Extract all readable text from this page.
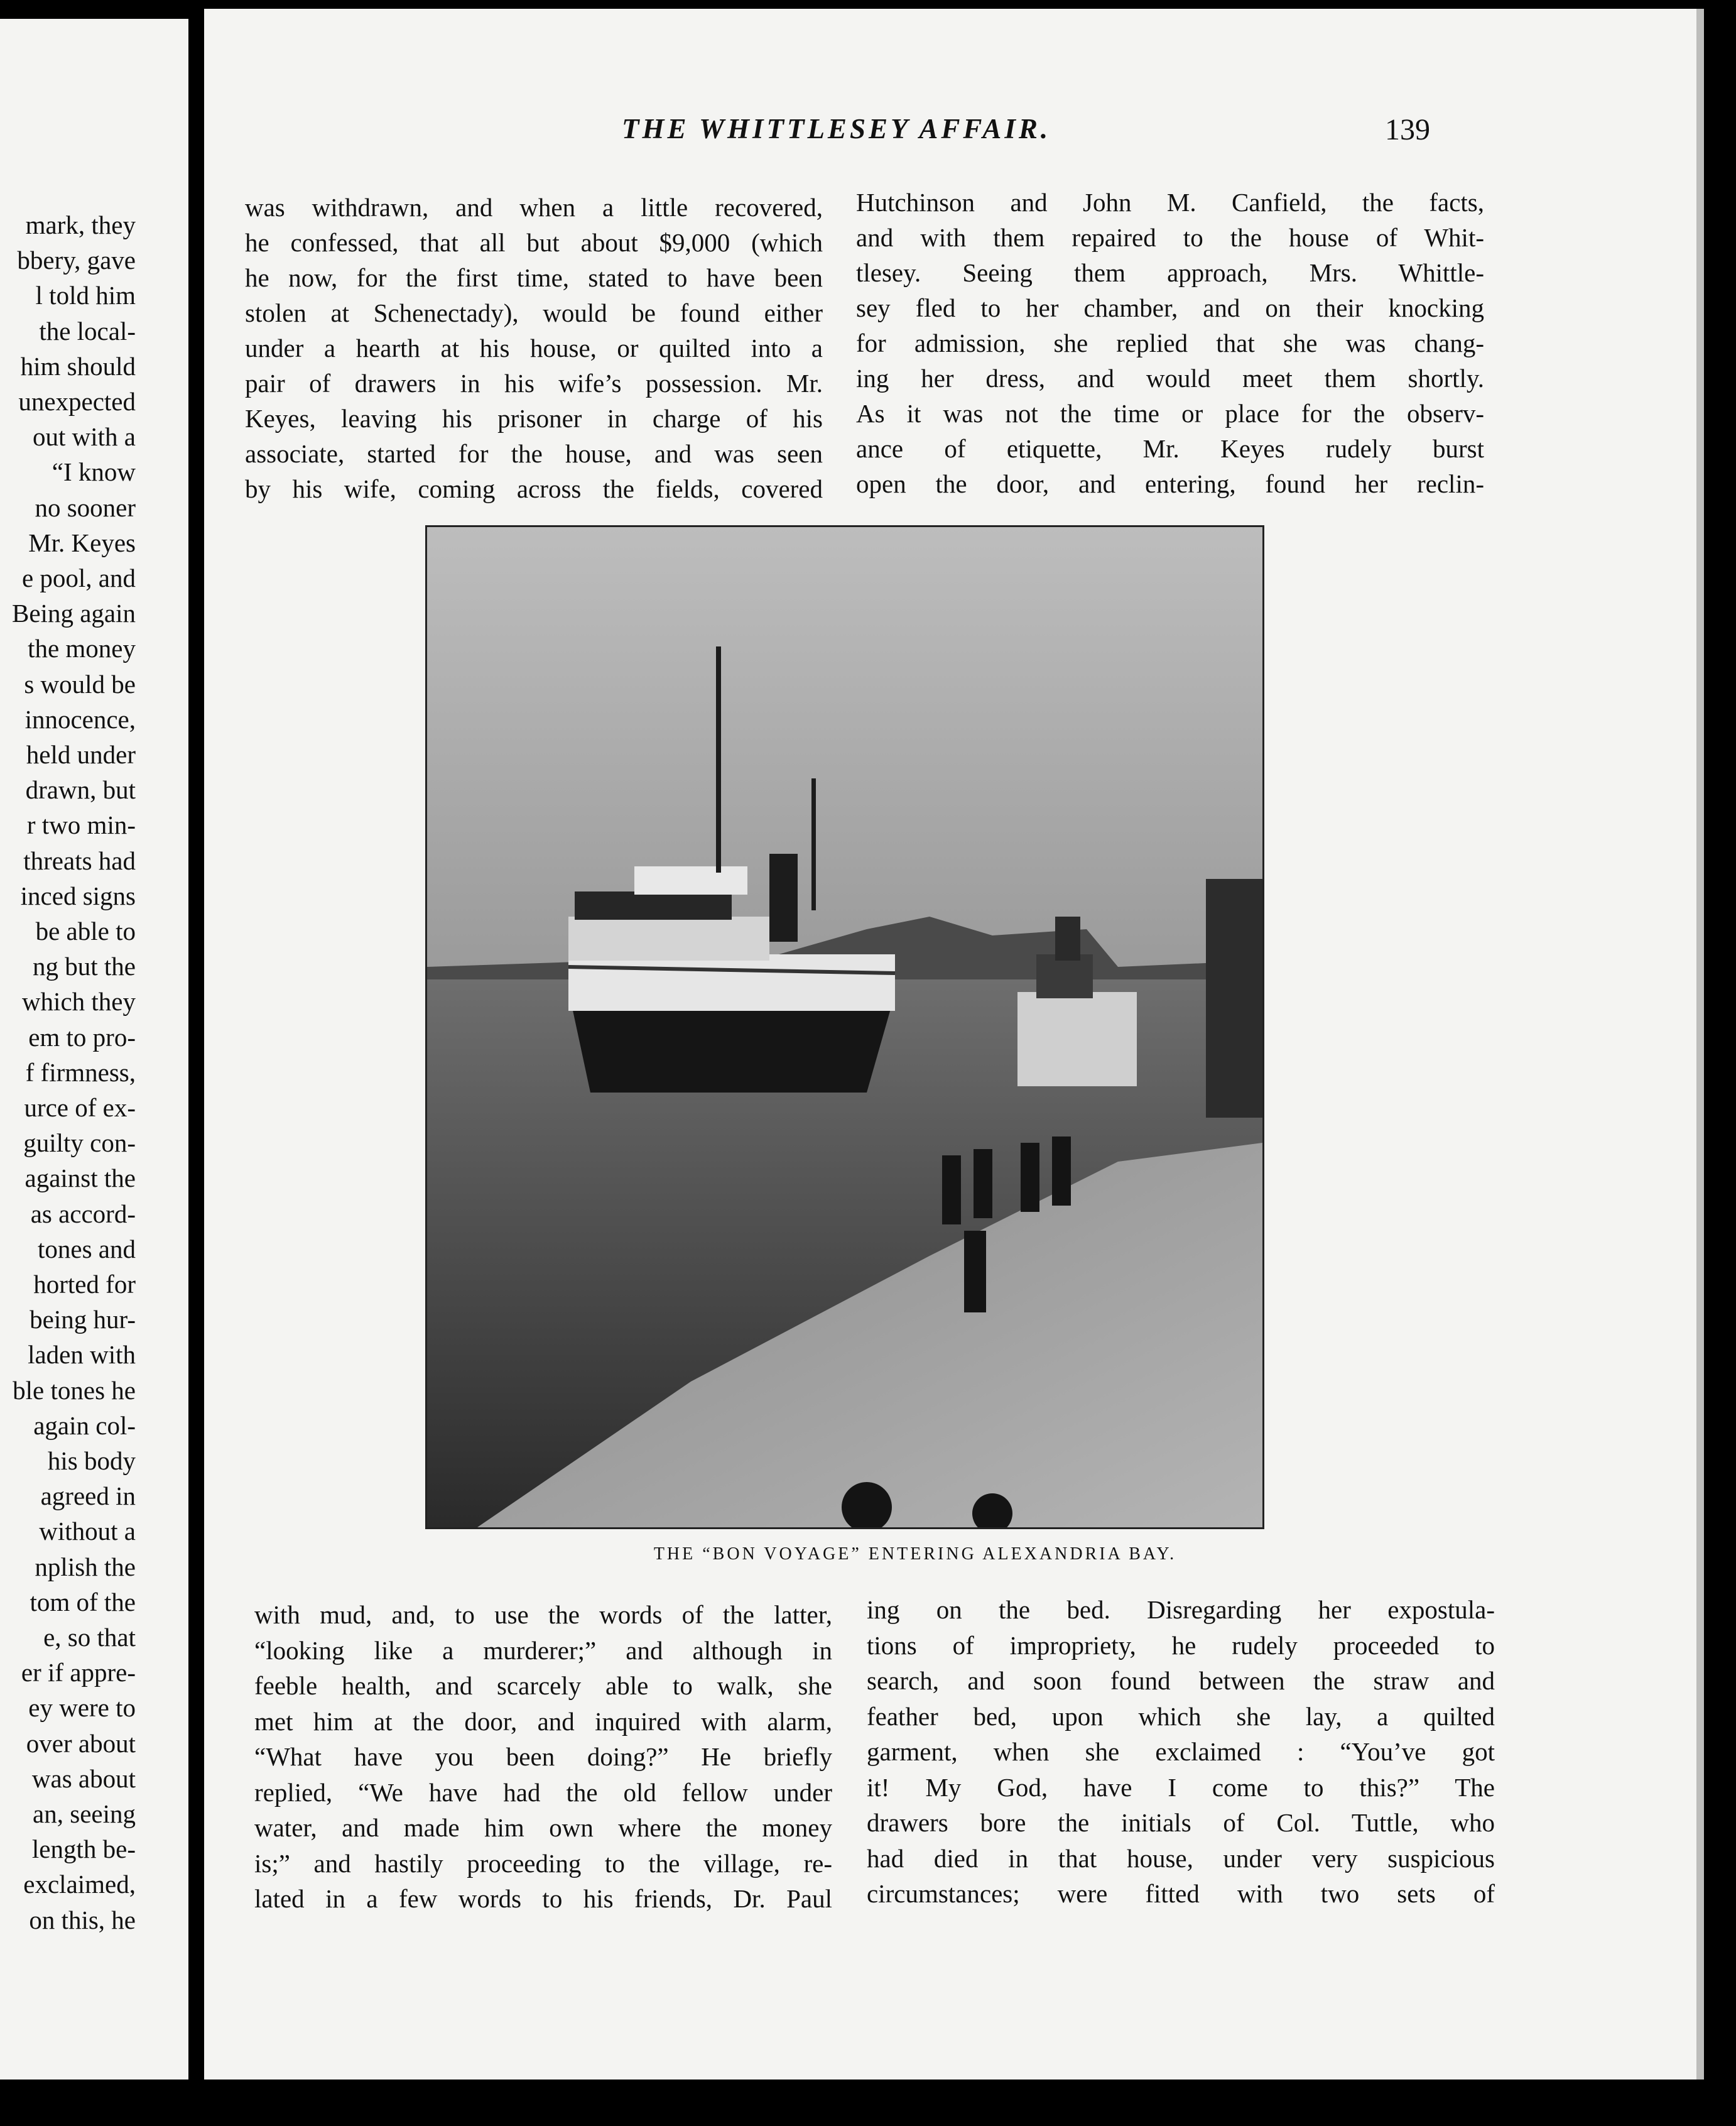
mark, they
bbery, gave
l told him
the local-
him should
unexpected
out with a
“I know
no sooner
Mr. Keyes
e pool, and
Being again
the money
s would be
innocence,
held under
drawn, but
r two min-
threats had
inced signs
be able to
ng but the
which they
em to pro-
f firmness,
urce of ex-
guilty con-
against the
as accord-
tones and
horted for
being hur-
laden with
ble tones he
again col-
his body
agreed in
without a
nplish the
tom of the
e, so that
er if appre-
ey were to
over about
was about
an, seeing
length be-
exclaimed,
on this, he
THE WHITTLESEY AFFAIR.	139
was withdrawn, and when a little recovered,
he confessed, that all but about $9,000 (which
he now, for the first time, stated to have been
stolen at Schenectady), would be found either
under a hearth at his house, or quilted into a
pair of drawers in his wife’s possession. Mr.
Keyes, leaving his prisoner in charge of his
associate, started for the house, and was seen
by his wife, coming across the fields, covered
Hutchinson and John M. Canfield, the facts,
and with them repaired to the house of Whit-
tlesey. Seeing them approach, Mrs. Whittle-
sey fled to her chamber, and on their knocking
for admission, she replied that she was chang-
ing her dress, and would meet them shortly.
As it was not the time or place for the observ-
ance of etiquette, Mr. Keyes rudely burst
open the door, and entering, found her reclin-
THE “BON VOYAGE” ENTERING ALEXANDRIA BAY.
with mud, and, to use the words of the latter,
“looking like a murderer;” and although in
feeble health, and scarcely able to walk, she
met him at the door, and inquired with alarm,
“What have you been doing?” He briefly
replied, “We have had the old fellow under
water, and made him own where the money
is;” and hastily proceeding to the village, re-
lated in a few words to his friends, Dr. Paul
ing on the bed. Disregarding her expostula-
tions of impropriety, he rudely proceeded to
search, and soon found between the straw and
feather bed, upon which she lay, a quilted
garment, when she exclaimed : “You’ve got
it! My God, have I come to this?” The
drawers bore the initials of Col. Tuttle, who
had died in that house, under very suspicious
circumstances; were fitted with two sets of
